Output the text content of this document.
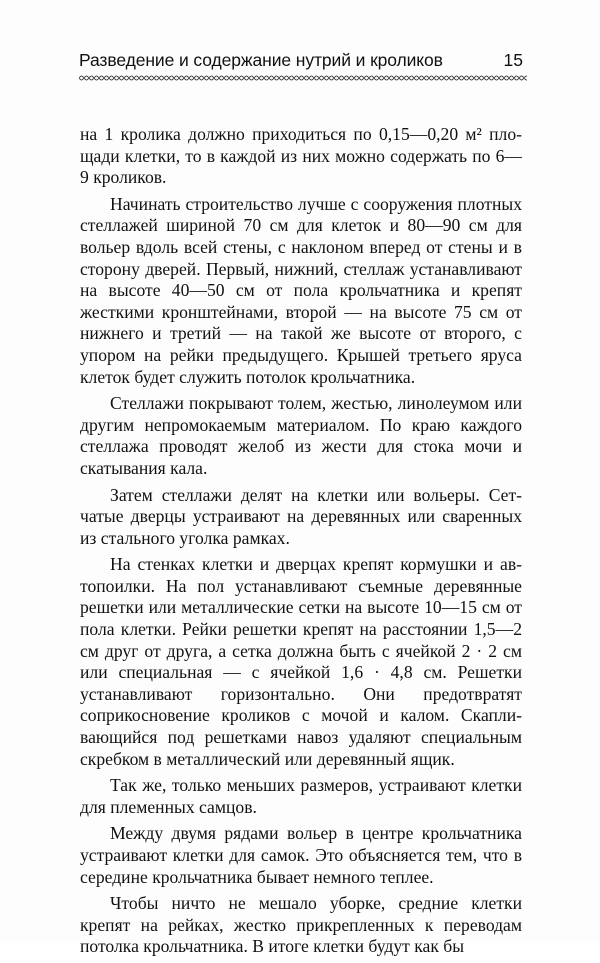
Разведение и содержание нутрий и кроликов	15

на 1 кролика должно приходиться по 0,15—0,20 м² площади клетки, то в каждой из них можно содержать по 6—9 кроликов.

Начинать строительство лучше с сооружения плотных стеллажей шириной 70 см для клеток и 80—90 см для вольер вдоль всей стены, с наклоном вперед от стены и в сторону дверей. Первый, нижний, стеллаж устанавливают на высоте 40—50 см от пола крольчатника и крепят жесткими кронштейнами, второй — на высоте 75 см от нижнего и третий — на такой же высоте от второго, с упором на рейки предыдущего. Крышей третьего яруса клеток будет служить потолок крольчатника.

Стеллажи покрывают толем, жестью, линолеумом или другим непромокаемым материалом. По краю каждого стеллажа проводят желоб из жести для стока мочи и скатывания кала.

Затем стеллажи делят на клетки или вольеры. Сетчатые дверцы устраивают на деревянных или сваренных из стального уголка рамках.

На стенках клетки и дверцах крепят кормушки и автопоилки. На пол устанавливают съемные деревянные решетки или металлические сетки на высоте 10—15 см от пола клетки. Рейки решетки крепят на расстоянии 1,5—2 см друг от друга, а сетка должна быть с ячейкой 2 · 2 см или специальная — с ячейкой 1,6 · 4,8 см. Решетки устанавливают горизонтально. Они предотвратят соприкосновение кроликов с мочой и калом. Скапливающийся под решетками навоз удаляют специальным скребком в металлический или деревянный ящик.

Так же, только меньших размеров, устраивают клетки для племенных самцов.

Между двумя рядами вольер в центре крольчатника устраивают клетки для самок. Это объясняется тем, что в середине крольчатника бывает немного теплее.

Чтобы ничто не мешало уборке, средние клетки крепят на рейках, жестко прикрепленных к переводам потолка крольчатника. В итоге клетки будут как бы
